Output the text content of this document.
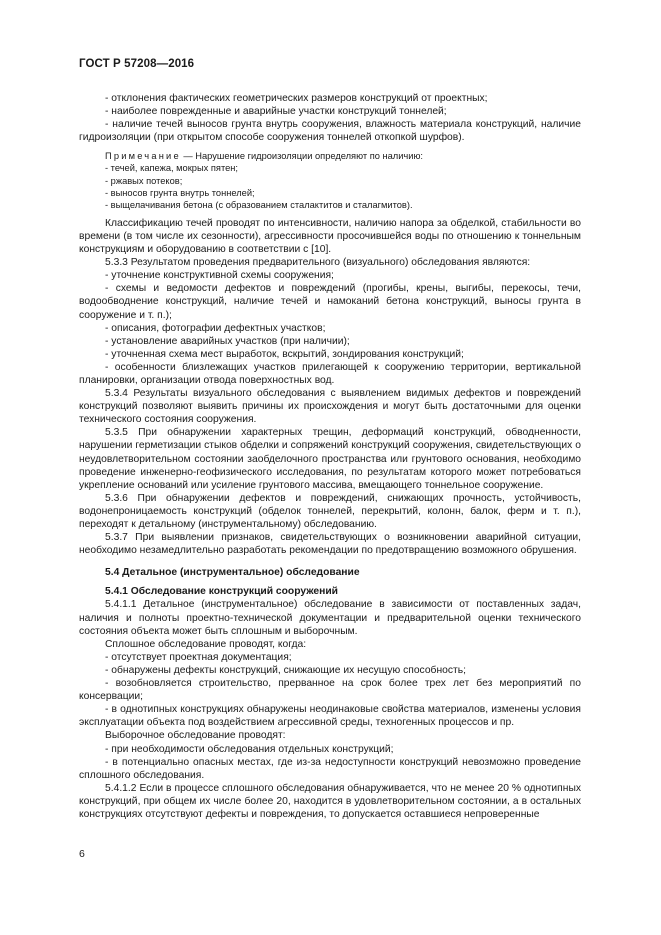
ГОСТ Р 57208—2016

- отклонения фактических геометрических размеров конструкций от проектных;

- наиболее поврежденные и аварийные участки конструкций тоннелей;

- наличие течей выносов грунта внутрь сооружения, влажность материала конструкций, наличие гидроизоляции (при открытом способе сооружения тоннелей откопкой шурфов).

Примечание — Нарушение гидроизоляции определяют по наличию:

- течей, капежа, мокрых пятен;

- ржавых потеков;

- выносов грунта внутрь тоннелей;

- выщелачивания бетона (с образованием сталактитов и сталагмитов).

Классификацию течей проводят по интенсивности, наличию напора за обделкой, стабильности во времени (в том числе их сезонности), агрессивности просочившейся воды по отношению к тоннельным конструкциям и оборудованию в соответствии с [10].

5.3.3 Результатом проведения предварительного (визуального) обследования являются:

- уточнение конструктивной схемы сооружения;

- схемы и ведомости дефектов и повреждений (прогибы, крены, выгибы, перекосы, течи, водообводнение конструкций, наличие течей и намоканий бетона конструкций, выносы грунта в сооружение и т. п.);

- описания, фотографии дефектных участков;

- установление аварийных участков (при наличии);

- уточненная схема мест выработок, вскрытий, зондирования конструкций;

- особенности близлежащих участков прилегающей к сооружению территории, вертикальной планировки, организации отвода поверхностных вод.

5.3.4 Результаты визуального обследования с выявлением видимых дефектов и повреждений конструкций позволяют выявить причины их происхождения и могут быть достаточными для оценки технического состояния сооружения.

5.3.5 При обнаружении характерных трещин, деформаций конструкций, обводненности, нарушении герметизации стыков обделки и сопряжений конструкций сооружения, свидетельствующих о неудовлетворительном состоянии заобделочного пространства или грунтового основания, необходимо проведение инженерно-геофизического исследования, по результатам которого может потребоваться укрепление оснований или усиление грунтового массива, вмещающего тоннельное сооружение.

5.3.6 При обнаружении дефектов и повреждений, снижающих прочность, устойчивость, водонепроницаемость конструкций (обделок тоннелей, перекрытий, колонн, балок, ферм и т. п.), переходят к детальному (инструментальному) обследованию.

5.3.7 При выявлении признаков, свидетельствующих о возникновении аварийной ситуации, необходимо незамедлительно разработать рекомендации по предотвращению возможного обрушения.

5.4 Детальное (инструментальное) обследование

5.4.1 Обследование конструкций сооружений

5.4.1.1 Детальное (инструментальное) обследование в зависимости от поставленных задач, наличия и полноты проектно-технической документации и предварительной оценки технического состояния объекта может быть сплошным и выборочным.

Сплошное обследование проводят, когда:

- отсутствует проектная документация;

- обнаружены дефекты конструкций, снижающие их несущую способность;

- возобновляется строительство, прерванное на срок более трех лет без мероприятий по консервации;

- в однотипных конструкциях обнаружены неодинаковые свойства материалов, изменены условия эксплуатации объекта под воздействием агрессивной среды, техногенных процессов и пр.

Выборочное обследование проводят:

- при необходимости обследования отдельных конструкций;

- в потенциально опасных местах, где из-за недоступности конструкций невозможно проведение сплошного обследования.

5.4.1.2 Если в процессе сплошного обследования обнаруживается, что не менее 20 % однотипных конструкций, при общем их числе более 20, находится в удовлетворительном состоянии, а в остальных конструкциях отсутствуют дефекты и повреждения, то допускается оставшиеся непроверенные

6
